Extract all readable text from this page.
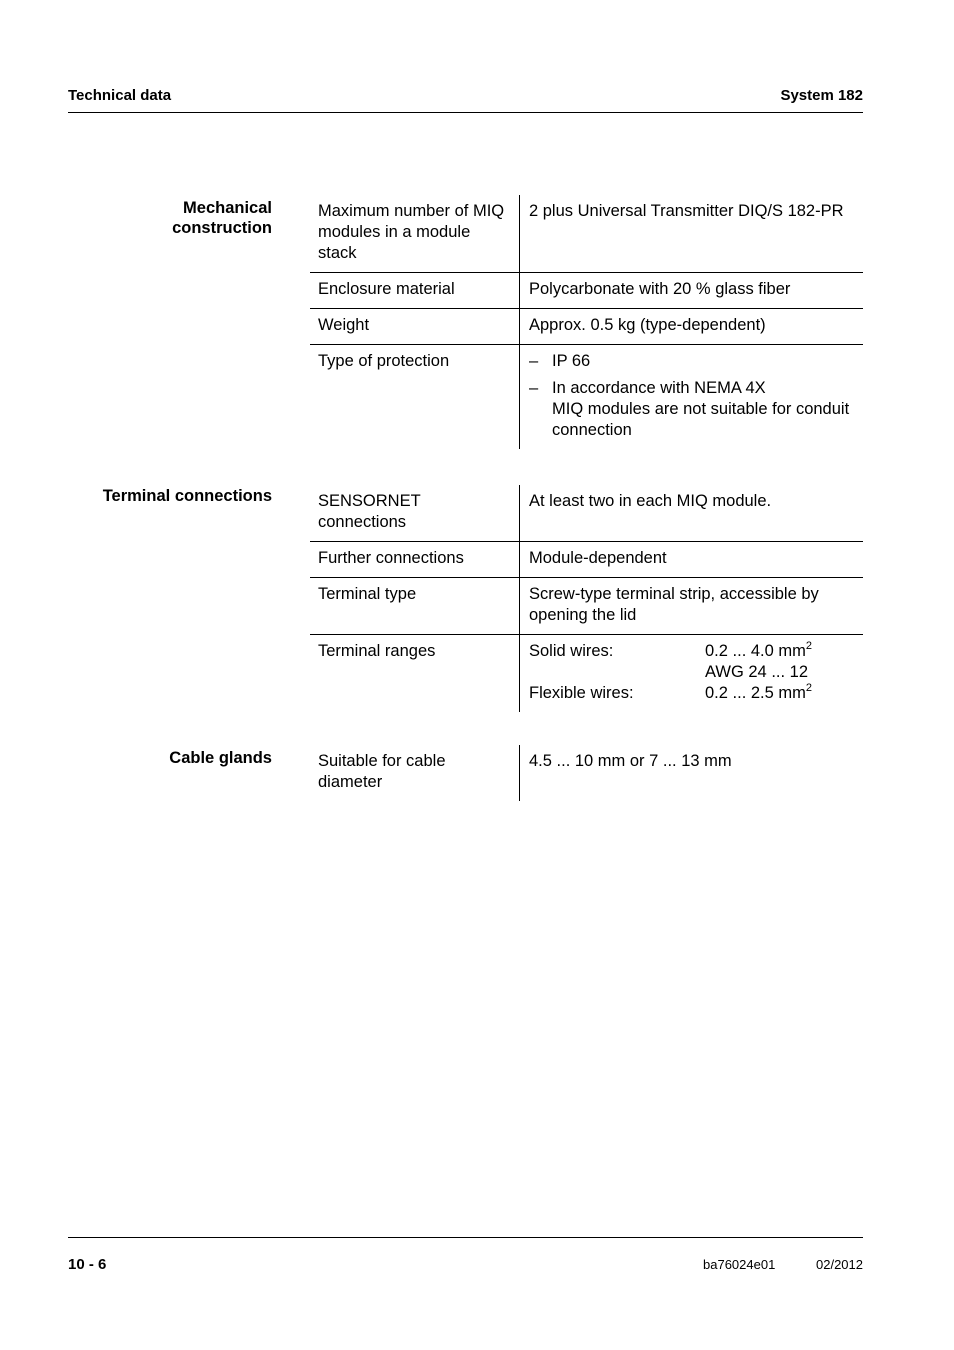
Technical data	System 182
Mechanical
construction
Maximum number of MIQ modules in a module stack	2 plus Universal Transmitter DIQ/S 182-PR
Enclosure material	Polycarbonate with 20 % glass fiber
Weight	Approx. 0.5 kg (type-dependent)
Type of protection	– IP 66
– In accordance with NEMA 4X
MIQ modules are not suitable for conduit connection
Terminal connections	SENSORNET connections	At least two in each MIQ module.
Further connections	Module-dependent
Terminal type	Screw-type terminal strip, accessible by opening the lid
Terminal ranges	Solid wires: 0.2 ... 4.0 $mm^2$
AWG 24 ... 12
Flexible wires: 0.2 ... 2.5 $mm^2$
Cable glands	Suitable for cable diameter	4.5 ... 10 mm or 7 ... 13 mm
10 - 6	ba76024e01	02/2012
